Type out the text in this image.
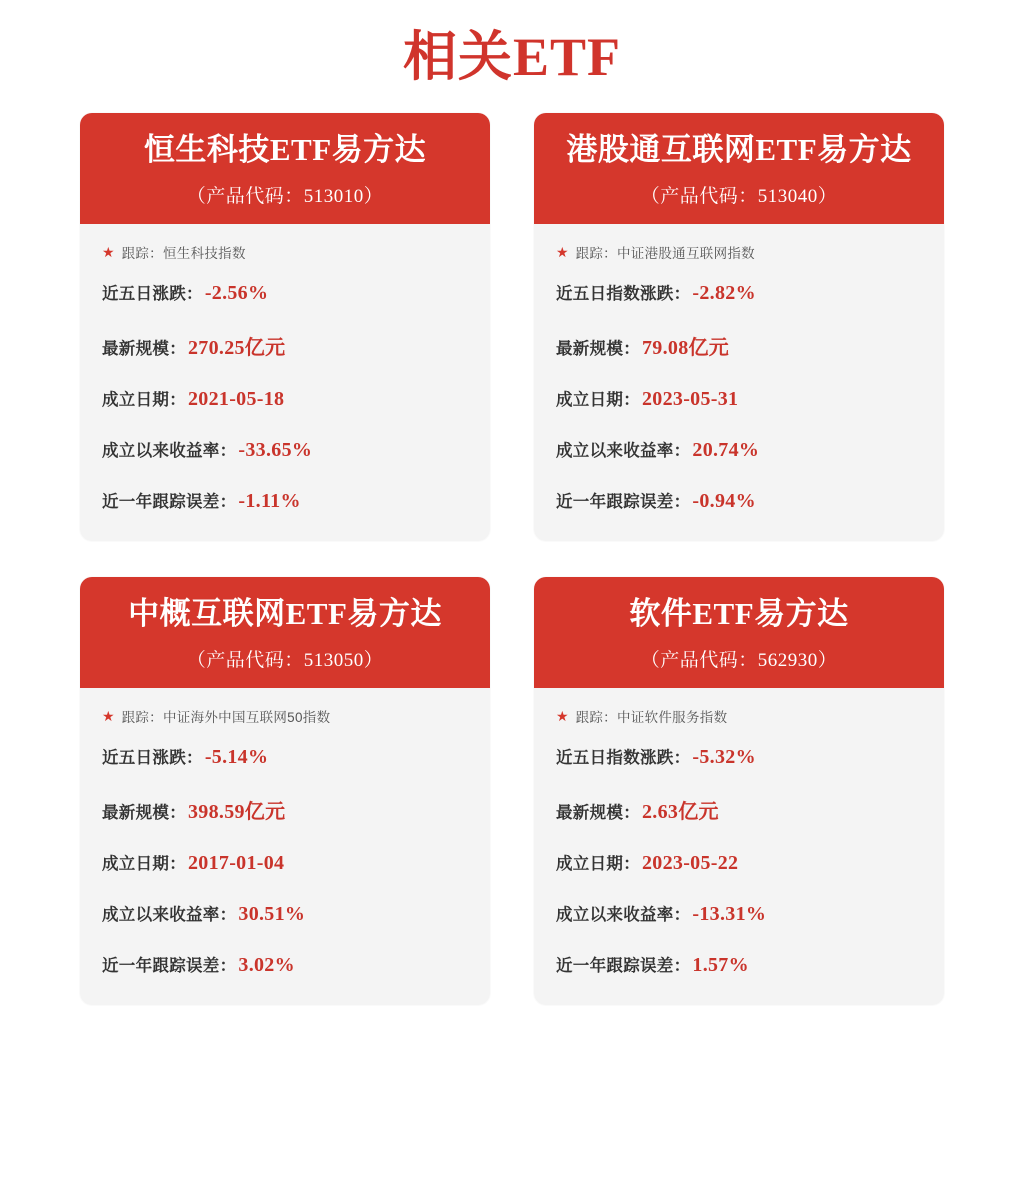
相关ETF
恒生科技ETF易方达
（产品代码：513010）
★ 跟踪：恒生科技指数
近五日涨跌： -2.56%
最新规模： 270.25亿元
成立日期： 2021-05-18
成立以来收益率： -33.65%
近一年跟踪误差： -1.11%
港股通互联网ETF易方达
（产品代码：513040）
★ 跟踪：中证港股通互联网指数
近五日指数涨跌： -2.82%
最新规模： 79.08亿元
成立日期： 2023-05-31
成立以来收益率： 20.74%
近一年跟踪误差： -0.94%
中概互联网ETF易方达
（产品代码：513050）
★ 跟踪：中证海外中国互联网50指数
近五日涨跌： -5.14%
最新规模： 398.59亿元
成立日期： 2017-01-04
成立以来收益率： 30.51%
近一年跟踪误差： 3.02%
软件ETF易方达
（产品代码：562930）
★ 跟踪：中证软件服务指数
近五日指数涨跌： -5.32%
最新规模： 2.63亿元
成立日期： 2023-05-22
成立以来收益率： -13.31%
近一年跟踪误差： 1.57%
